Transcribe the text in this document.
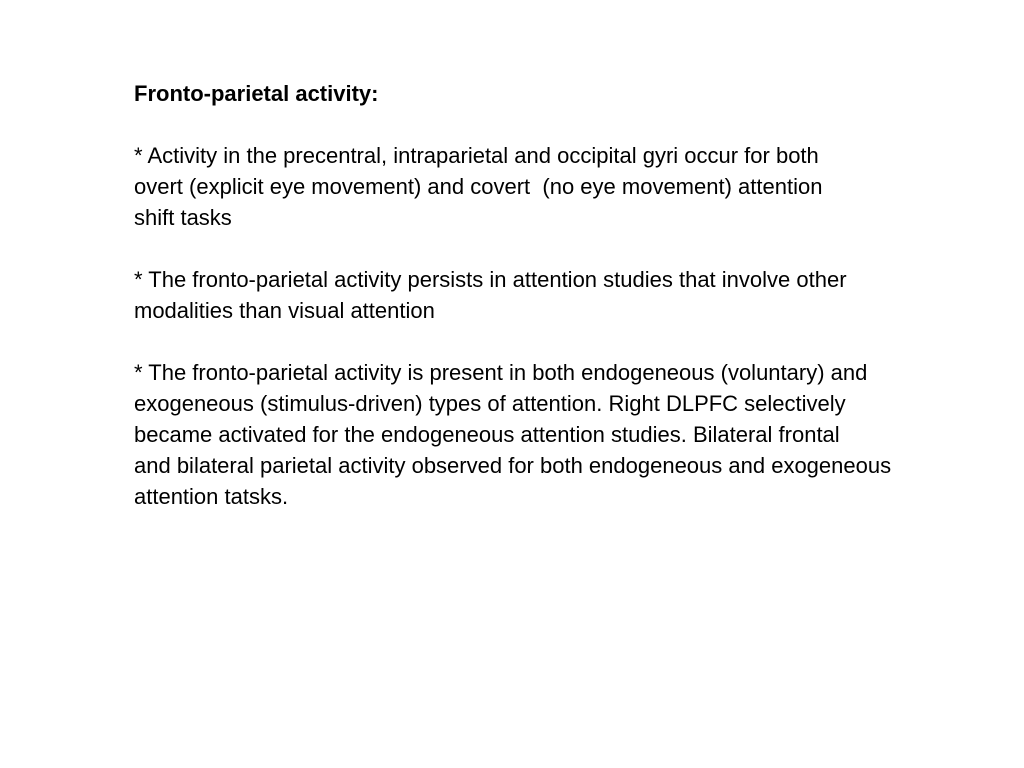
Fronto-parietal activity:
* Activity in the precentral, intraparietal and occipital gyri occur for both
overt (explicit eye movement) and covert  (no eye movement) attention
shift tasks
* The fronto-parietal activity persists in attention studies that involve other
modalities than visual attention
* The fronto-parietal activity is present in both endogeneous (voluntary) and
exogeneous (stimulus-driven) types of attention. Right DLPFC selectively
became activated for the endogeneous attention studies. Bilateral frontal
and bilateral parietal activity observed for both endogeneous and exogeneous
attention tatsks.
